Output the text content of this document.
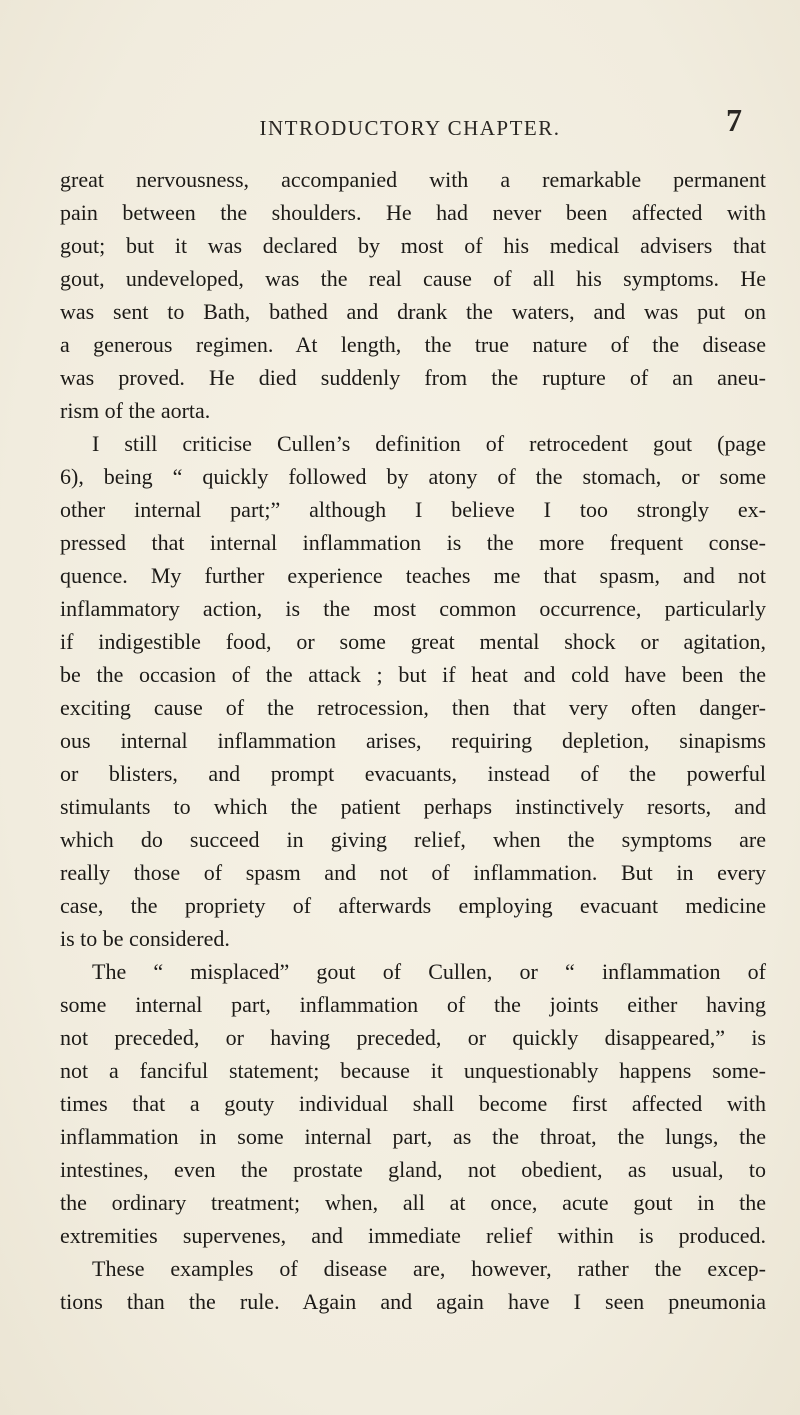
INTRODUCTORY CHAPTER.	7
great nervousness, accompanied with a remarkable permanent
pain between the shoulders. He had never been affected with
gout; but it was declared by most of his medical advisers that
gout, undeveloped, was the real cause of all his symptoms. He
was sent to Bath, bathed and drank the waters, and was put on
a generous regimen. At length, the true nature of the disease
was proved. He died suddenly from the rupture of an aneu-
rism of the aorta.
I still criticise Cullen’s definition of retrocedent gout (page
6), being “ quickly followed by atony of the stomach, or some
other internal part;” although I believe I too strongly ex-
pressed that internal inflammation is the more frequent conse-
quence. My further experience teaches me that spasm, and not
inflammatory action, is the most common occurrence, particularly
if indigestible food, or some great mental shock or agitation,
be the occasion of the attack ; but if heat and cold have been the
exciting cause of the retrocession, then that very often danger-
ous internal inflammation arises, requiring depletion, sinapisms
or blisters, and prompt evacuants, instead of the powerful
stimulants to which the patient perhaps instinctively resorts, and
which do succeed in giving relief, when the symptoms are
really those of spasm and not of inflammation. But in every
case, the propriety of afterwards employing evacuant medicine
is to be considered.
The “ misplaced” gout of Cullen, or “ inflammation of
some internal part, inflammation of the joints either having
not preceded, or having preceded, or quickly disappeared,” is
not a fanciful statement; because it unquestionably happens some-
times that a gouty individual shall become first affected with
inflammation in some internal part, as the throat, the lungs, the
intestines, even the prostate gland, not obedient, as usual, to
the ordinary treatment; when, all at once, acute gout in the
extremities supervenes, and immediate relief within is produced.
These examples of disease are, however, rather the excep-
tions than the rule. Again and again have I seen pneumonia
